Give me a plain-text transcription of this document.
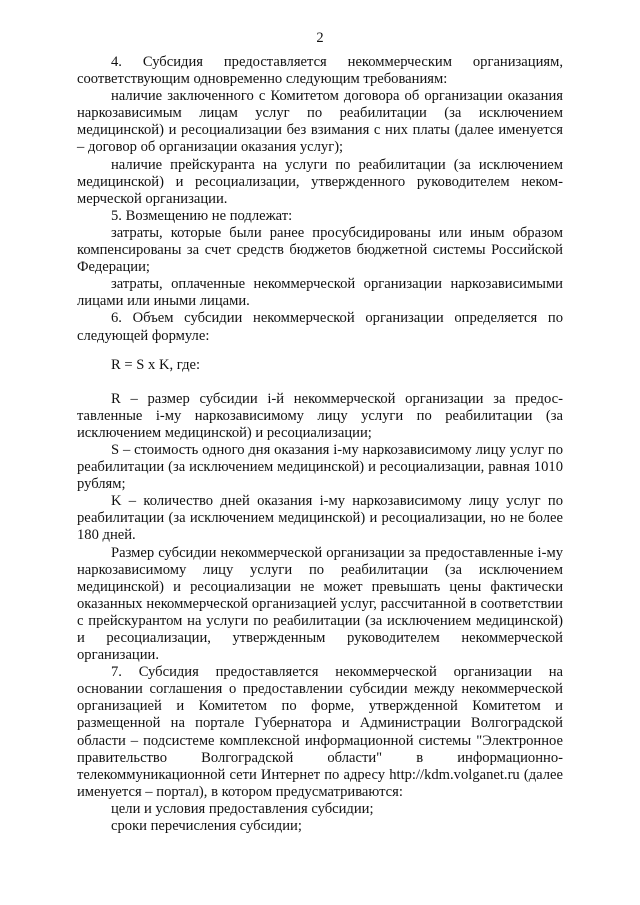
2

4. Субсидия предоставляется некоммерческим организациям, соответствующим одновременно следующим требованиям:

наличие заключенного с Комитетом договора об организации оказания наркозависимым лицам услуг по реабилитации (за исключением медицинской) и ресоциализации без взимания с них платы (далее именуется – договор об организации оказания услуг);

наличие прейскуранта на услуги по реабилитации (за исключением медицинской) и ресоциализации, утвержденного руководителем некоммерческой организации.

5. Возмещению не подлежат:

затраты, которые были ранее просубсидированы или иным образом компенсированы за счет средств бюджетов бюджетной системы Российской Федерации;

затраты, оплаченные некоммерческой организации наркозависимыми лицами или иными лицами.

6. Объем субсидии некоммерческой организации определяется по следующей формуле:

R = S x K, где:

R – размер субсидии i-й некоммерческой организации за предоставленные i-му наркозависимому лицу услуги по реабилитации (за исключением медицинской) и ресоциализации;

S – стоимость одного дня оказания i-му наркозависимому лицу услуг по реабилитации (за исключением медицинской) и ресоциализации, равная 1010 рублям;

K – количество дней оказания i-му наркозависимому лицу услуг по реабилитации (за исключением медицинской) и ресоциализации, но не более 180 дней.

Размер субсидии некоммерческой организации за предоставленные i-му наркозависимому лицу услуги по реабилитации (за исключением медицинской) и ресоциализации не может превышать цены фактически оказанных некоммерческой организацией услуг, рассчитанной в соответствии с прейскурантом на услуги по реабилитации (за исключением медицинской) и ресоциализации, утвержденным руководителем некоммерческой организации.

7. Субсидия предоставляется некоммерческой организации на основании соглашения о предоставлении субсидии между некоммерческой организацией и Комитетом по форме, утвержденной Комитетом и размещенной на портале Губернатора и Администрации Волгоградской области – подсистеме комплексной информационной системы "Электронное правительство Волгоградской области" в информационно-телекоммуникационной сети Интернет по адресу http://kdm.volganet.ru (далее именуется – портал), в котором предусматриваются:

цели и условия предоставления субсидии;

сроки перечисления субсидии;
